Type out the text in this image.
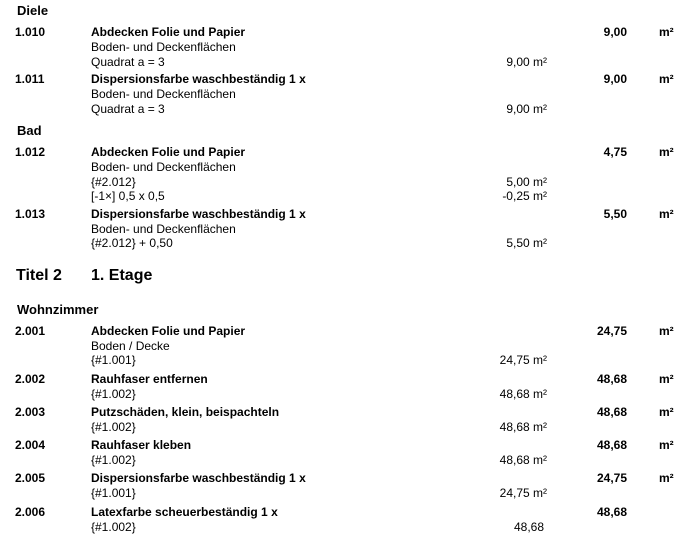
Diele
1.010	Abdecken Folie und Papier	9,00	m²
Boden- und Deckenflächen
Quadrat a = 3	9,00 m²
1.011	Dispersionsfarbe waschbeständig 1 x	9,00	m²
Boden- und Deckenflächen
Quadrat a = 3	9,00 m²
Bad
1.012	Abdecken Folie und Papier	4,75	m²
Boden- und Deckenflächen
{#2.012}	5,00 m²
[-1×] 0,5 x 0,5	-0,25 m²
1.013	Dispersionsfarbe waschbeständig 1 x	5,50	m²
Boden- und Deckenflächen
{#2.012} + 0,50	5,50 m²
Titel 2 1. Etage
Wohnzimmer
2.001	Abdecken Folie und Papier	24,75	m²
Boden / Decke
{#1.001}	24,75 m²
2.002	Rauhfaser entfernen	48,68	m²
{#1.002}	48,68 m²
2.003	Putzschäden, klein, beispachteln	48,68	m²
{#1.002}	48,68 m²
2.004	Rauhfaser kleben	48,68	m²
{#1.002}	48,68 m²
2.005	Dispersionsfarbe waschbeständig 1 x	24,75	m²
{#1.001}	24,75 m²
2.006	Latexfarbe scheuerbeständig 1 x	48,68
{#1.002}	48,68
